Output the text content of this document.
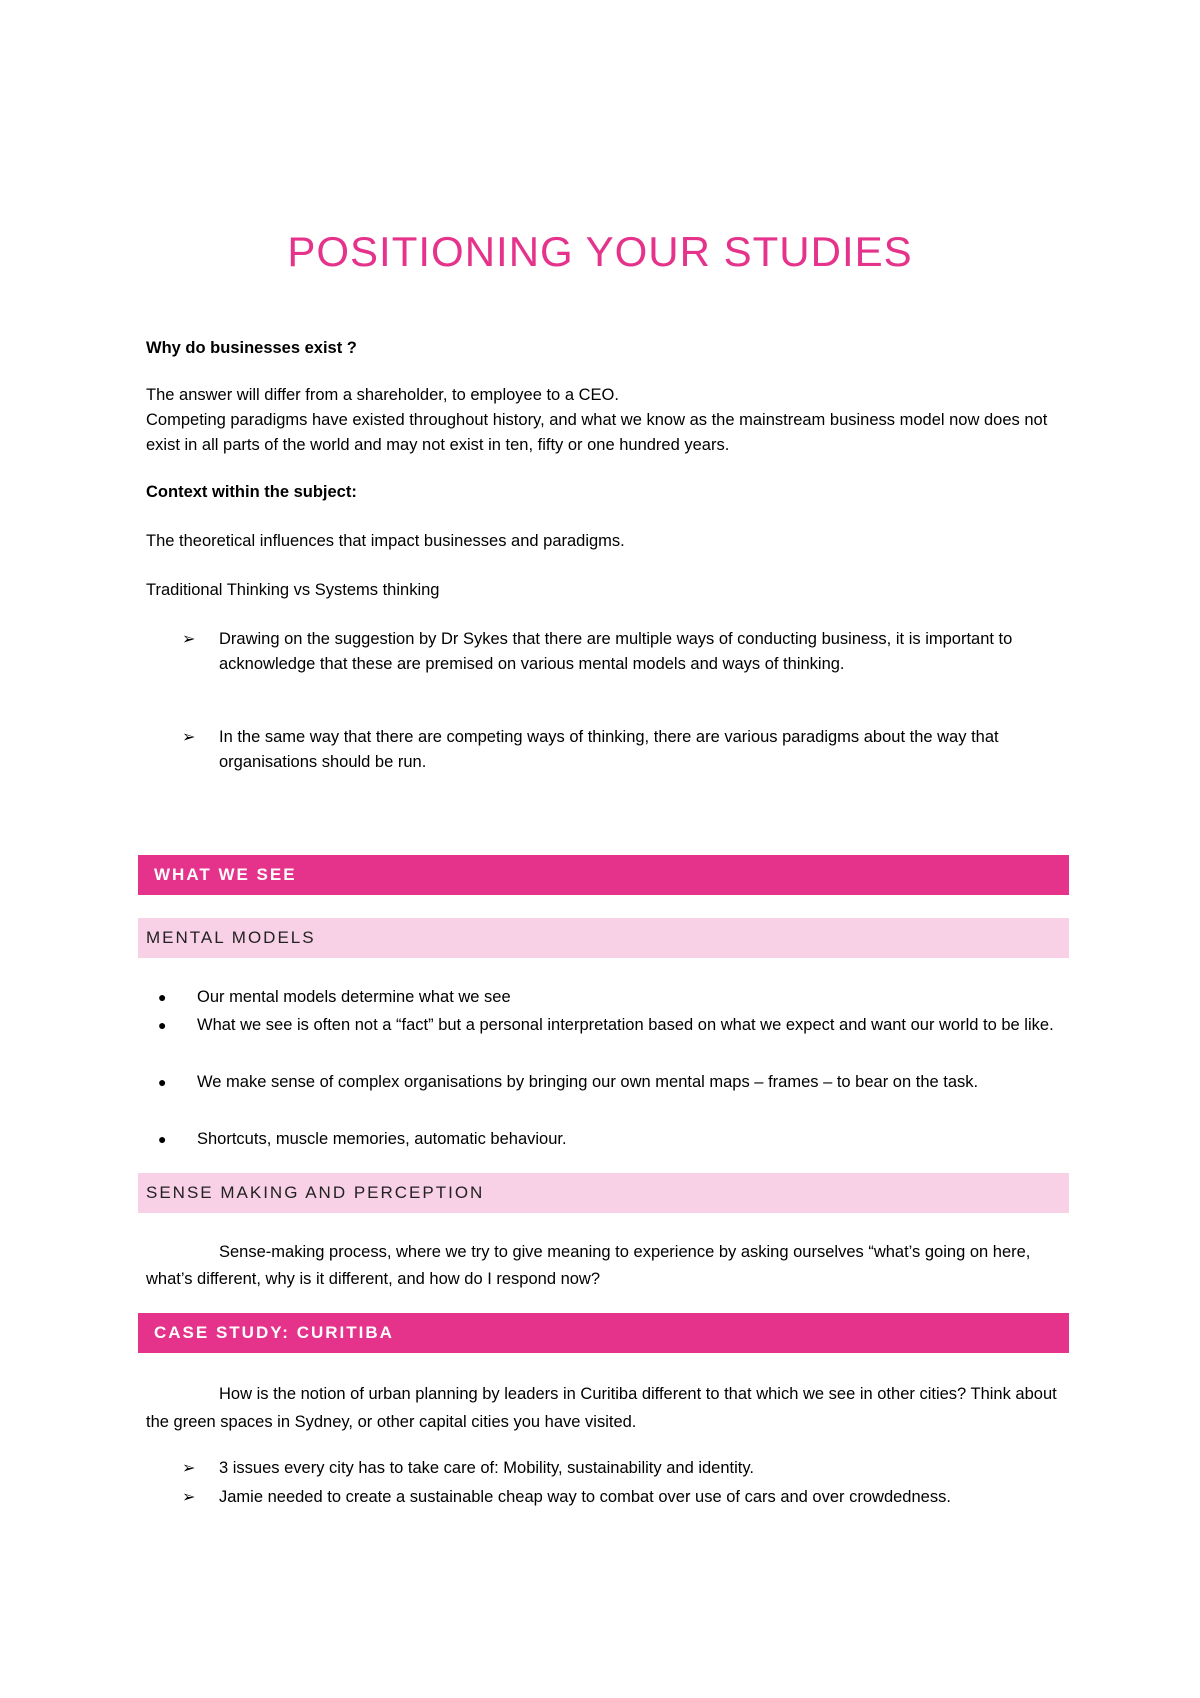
POSITIONING YOUR STUDIES

Why do businesses exist ?

The answer will differ from a shareholder, to employee to a CEO.

Competing paradigms have existed throughout history, and what we know as the mainstream business model now does not exist in all parts of the world and may not exist in ten, fifty or one hundred years.

Context within the subject:

The theoretical influences that impact businesses and paradigms.

Traditional Thinking vs Systems thinking

➢ Drawing on the suggestion by Dr Sykes that there are multiple ways of conducting business, it is important to acknowledge that these are premised on various mental models and ways of thinking.
➢ In the same way that there are competing ways of thinking, there are various paradigms about the way that organisations should be run.
WHAT WE SEE
MENTAL MODELS
● Our mental models determine what we see
● What we see is often not a “fact” but a personal interpretation based on what we expect and want our world to be like.
● We make sense of complex organisations by bringing our own mental maps – frames – to bear on the task.
● Shortcuts, muscle memories, automatic behaviour.
SENSE MAKING AND PERCEPTION

Sense-making process, where we try to give meaning to experience by asking ourselves “what’s going on here, what’s different, why is it different, and how do I respond now?

CASE STUDY: CURITIBA

How is the notion of urban planning by leaders in Curitiba different to that which we see in other cities? Think about the green spaces in Sydney, or other capital cities you have visited.

➢ 3 issues every city has to take care of: Mobility, sustainability and identity.
➢ Jamie needed to create a sustainable cheap way to combat over use of cars and over crowdedness.
